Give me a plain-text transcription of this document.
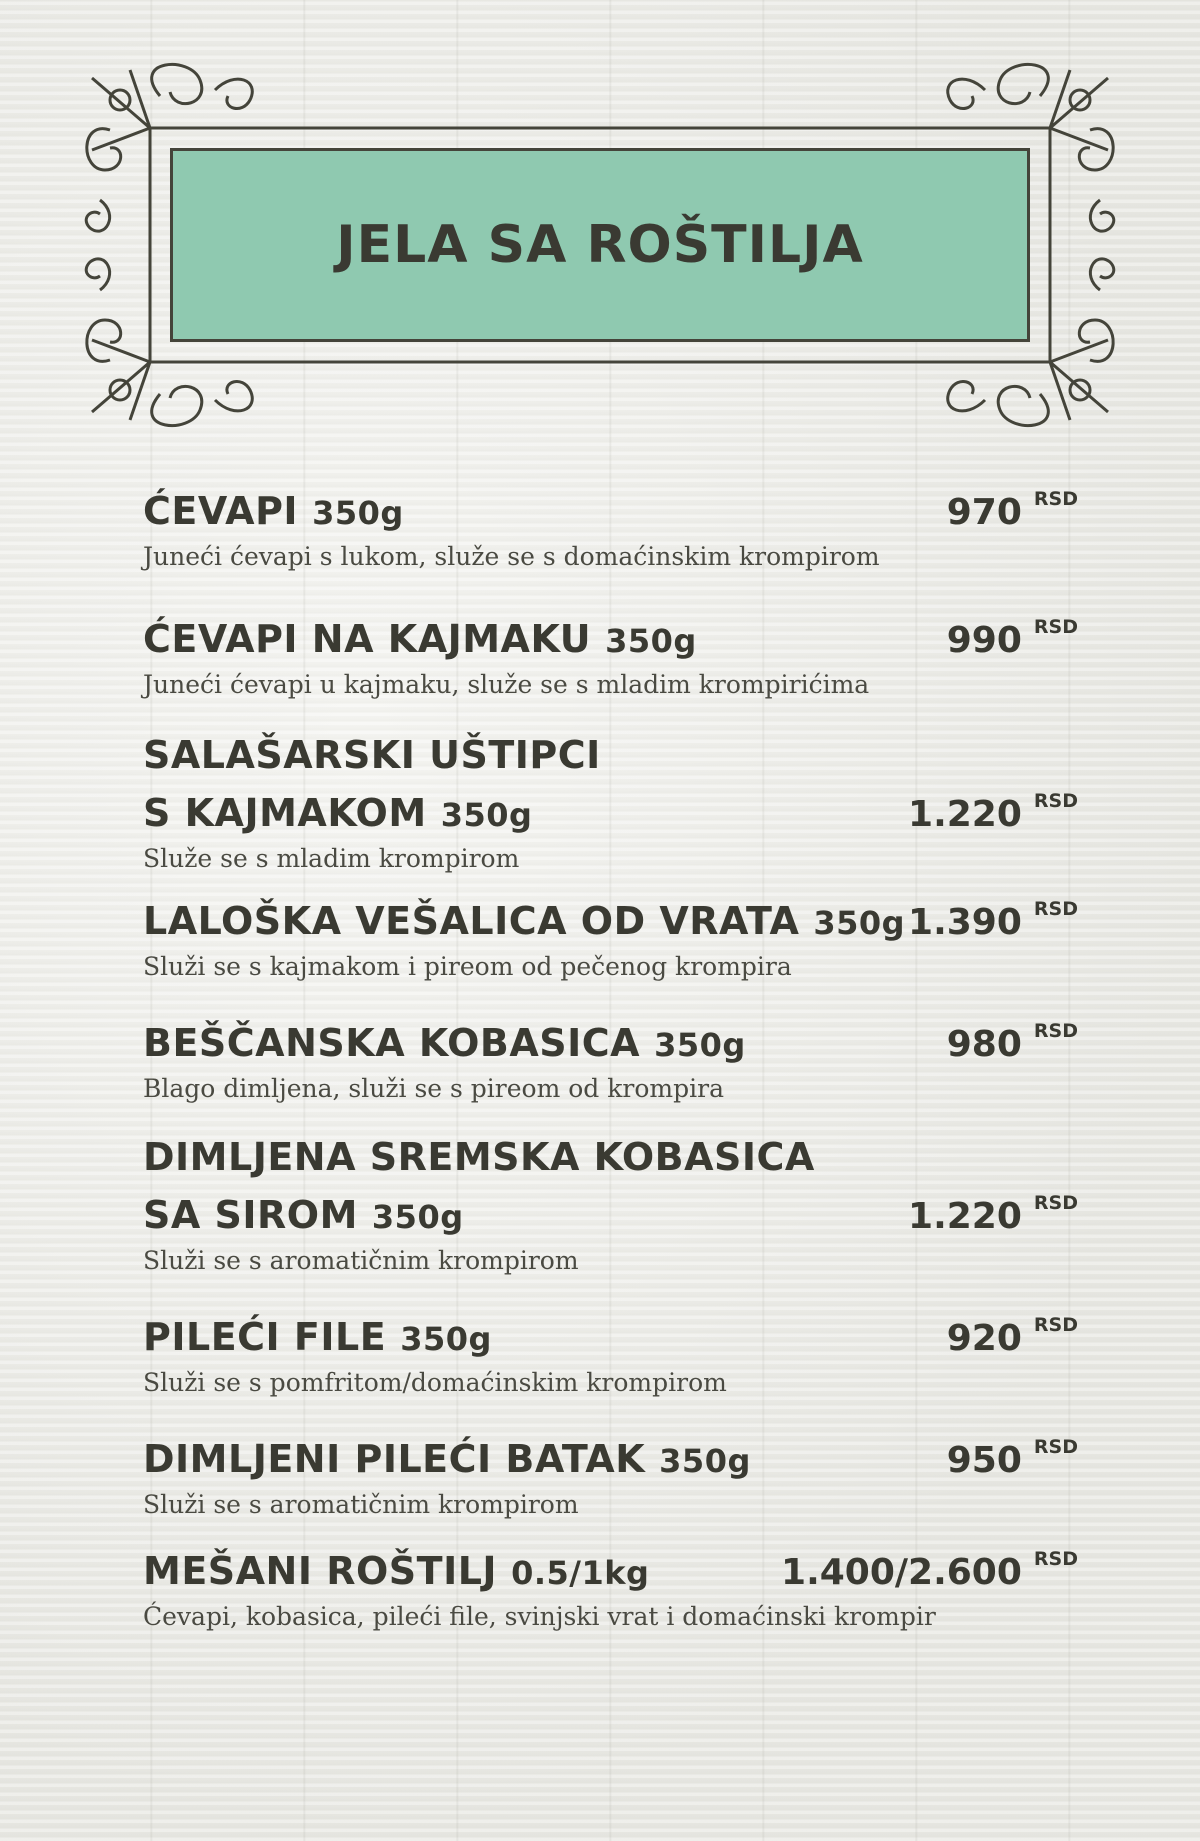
JELA SA ROŠTILJA
ĆEVAPI 350g	970 RSD
Juneći ćevapi s lukom, služe se s domaćinskim krompirom
ĆEVAPI NA KAJMAKU 350g	990 RSD
Juneći ćevapi u kajmaku, služe se s mladim krompirićima
SALAŠARSKI UŠTIPCI
S KAJMAKOM 350g	1.220 RSD
Služe se s mladim krompirom
LALOŠKA VEŠALICA OD VRATA 350g 1.390 RSD
Služi se s kajmakom i pireom od pečenog krompira
BEŠČANSKA KOBASICA 350g	980 RSD
Blago dimljena, služi se s pireom od krompira
DIMLJENA SREMSKA KOBASICA
SA SIROM 350g	1.220 RSD
Služi se s aromatičnim krompirom
PILEĆI FILE 350g	920 RSD
Služi se s pomfritom/domaćinskim krompirom
DIMLJENI PILEĆI BATAK 350g	950 RSD
Služi se s aromatičnim krompirom
MEŠANI ROŠTILJ 0.5/1kg	1.400/2.600 RSD
Ćevapi, kobasica, pileći file, svinjski vrat i domaćinski krompir
